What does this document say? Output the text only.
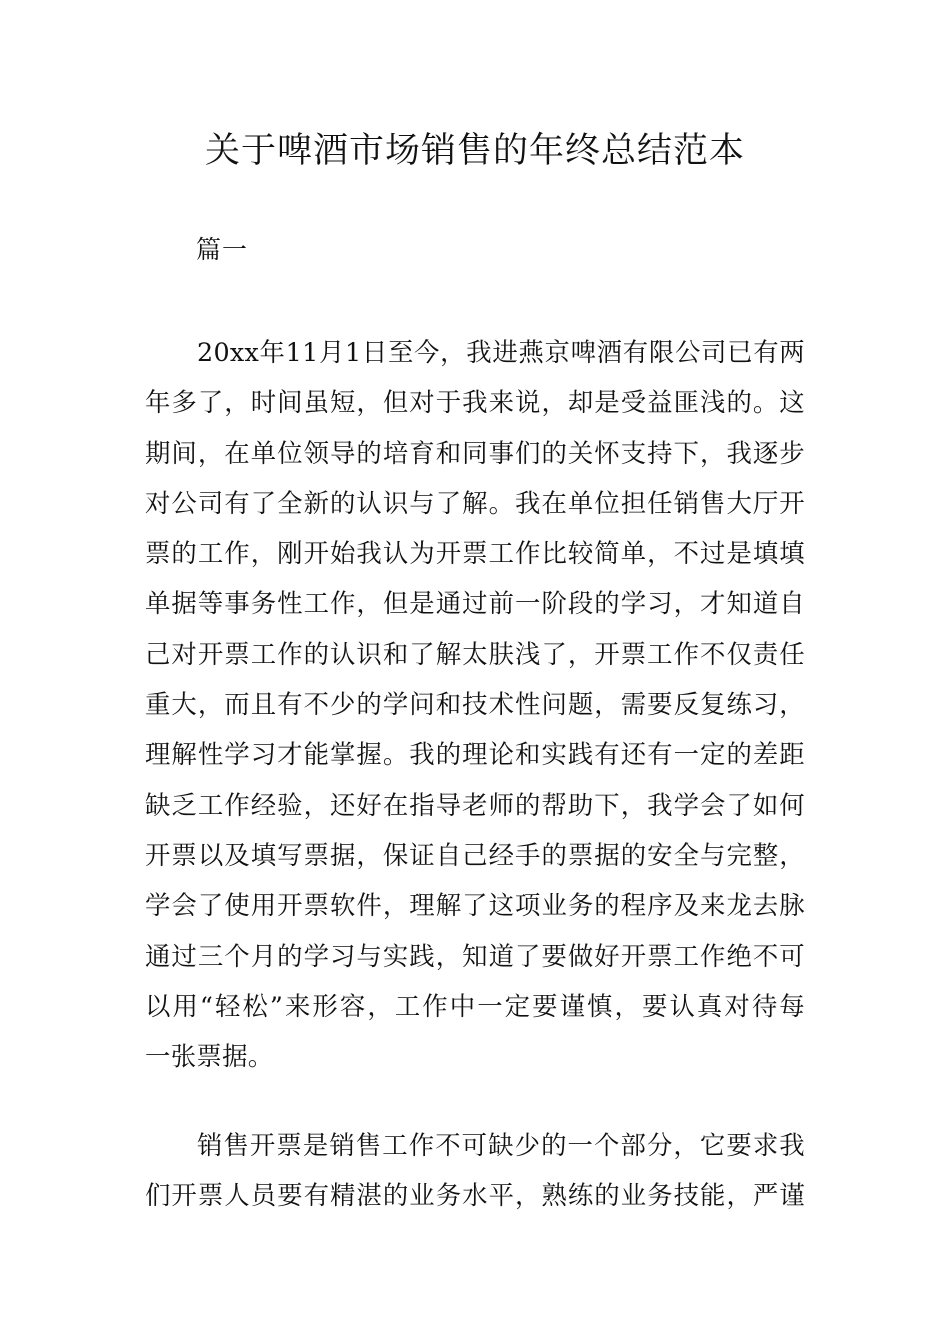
关于啤酒市场销售的年终总结范本
篇一
20xx年11月1日至今，我进燕京啤酒有限公司已有两
年多了，时间虽短，但对于我来说，却是受益匪浅的。这
期间，在单位领导的培育和同事们的关怀支持下，我逐步
对公司有了全新的认识与了解。我在单位担任销售大厅开
票的工作，刚开始我认为开票工作比较简单，不过是填填
单据等事务性工作，但是通过前一阶段的学习，才知道自
己对开票工作的认识和了解太肤浅了，开票工作不仅责任
重大，而且有不少的学问和技术性问题，需要反复练习，
理解性学习才能掌握。我的理论和实践有还有一定的差距
缺乏工作经验，还好在指导老师的帮助下，我学会了如何
开票以及填写票据，保证自己经手的票据的安全与完整，
学会了使用开票软件，理解了这项业务的程序及来龙去脉
通过三个月的学习与实践，知道了要做好开票工作绝不可
以用“轻松”来形容，工作中一定要谨慎，要认真对待每
一张票据。
销售开票是销售工作不可缺少的一个部分，它要求我
们开票人员要有精湛的业务水平，熟练的业务技能，严谨
